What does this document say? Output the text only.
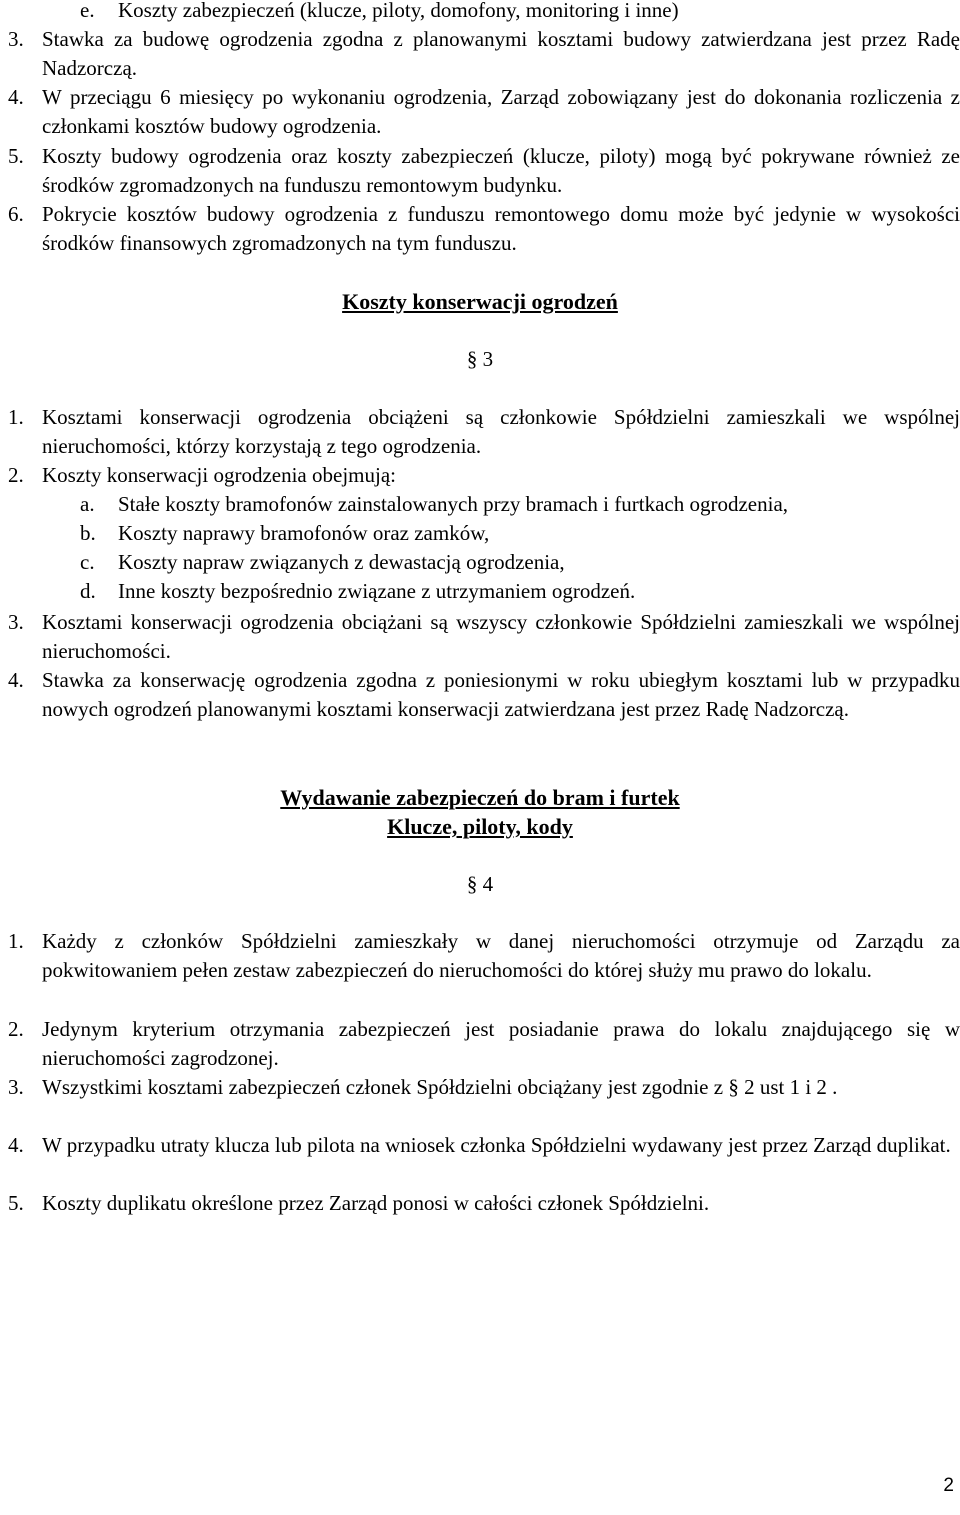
e. Koszty zabezpieczeń (klucze, piloty, domofony, monitoring i inne)
3. Stawka za budowę ogrodzenia zgodna z planowanymi kosztami budowy zatwierdzana jest przez Radę Nadzorczą.
4. W przeciągu 6 miesięcy po wykonaniu ogrodzenia, Zarząd zobowiązany jest do dokonania rozliczenia z członkami kosztów budowy ogrodzenia.
5. Koszty budowy ogrodzenia oraz koszty zabezpieczeń (klucze, piloty) mogą być pokrywane również ze środków zgromadzonych na funduszu remontowym budynku.
6. Pokrycie kosztów budowy ogrodzenia z funduszu remontowego domu może być jedynie w wysokości środków finansowych zgromadzonych na tym funduszu.
Koszty konserwacji ogrodzeń
§ 3
1. Kosztami konserwacji ogrodzenia obciążeni są członkowie Spółdzielni zamieszkali we wspólnej nieruchomości, którzy korzystają z tego ogrodzenia.
2. Koszty konserwacji ogrodzenia obejmują:
a. Stałe koszty bramofonów zainstalowanych przy bramach i furtkach ogrodzenia,
b. Koszty naprawy bramofonów oraz zamków,
c. Koszty napraw związanych z dewastacją ogrodzenia,
d. Inne koszty bezpośrednio związane z utrzymaniem ogrodzeń.
3. Kosztami konserwacji ogrodzenia obciążani są wszyscy członkowie Spółdzielni zamieszkali we wspólnej nieruchomości.
4. Stawka za konserwację ogrodzenia zgodna z poniesionymi w roku ubiegłym kosztami lub w przypadku nowych ogrodzeń planowanymi kosztami konserwacji zatwierdzana jest przez Radę Nadzorczą.
Wydawanie zabezpieczeń do bram i furtek
Klucze, piloty, kody
§ 4
1. Każdy z członków Spółdzielni zamieszkały w danej nieruchomości otrzymuje od Zarządu za pokwitowaniem pełen zestaw zabezpieczeń do nieruchomości do której służy mu prawo do lokalu.
2. Jedynym kryterium otrzymania zabezpieczeń jest posiadanie prawa do lokalu znajdującego się w nieruchomości zagrodzonej.
3. Wszystkimi kosztami zabezpieczeń członek Spółdzielni obciążany jest zgodnie z § 2 ust 1 i 2 .
4. W przypadku utraty klucza lub pilota na wniosek członka Spółdzielni wydawany jest przez Zarząd duplikat.
5. Koszty duplikatu określone przez Zarząd ponosi w całości członek Spółdzielni.
2
